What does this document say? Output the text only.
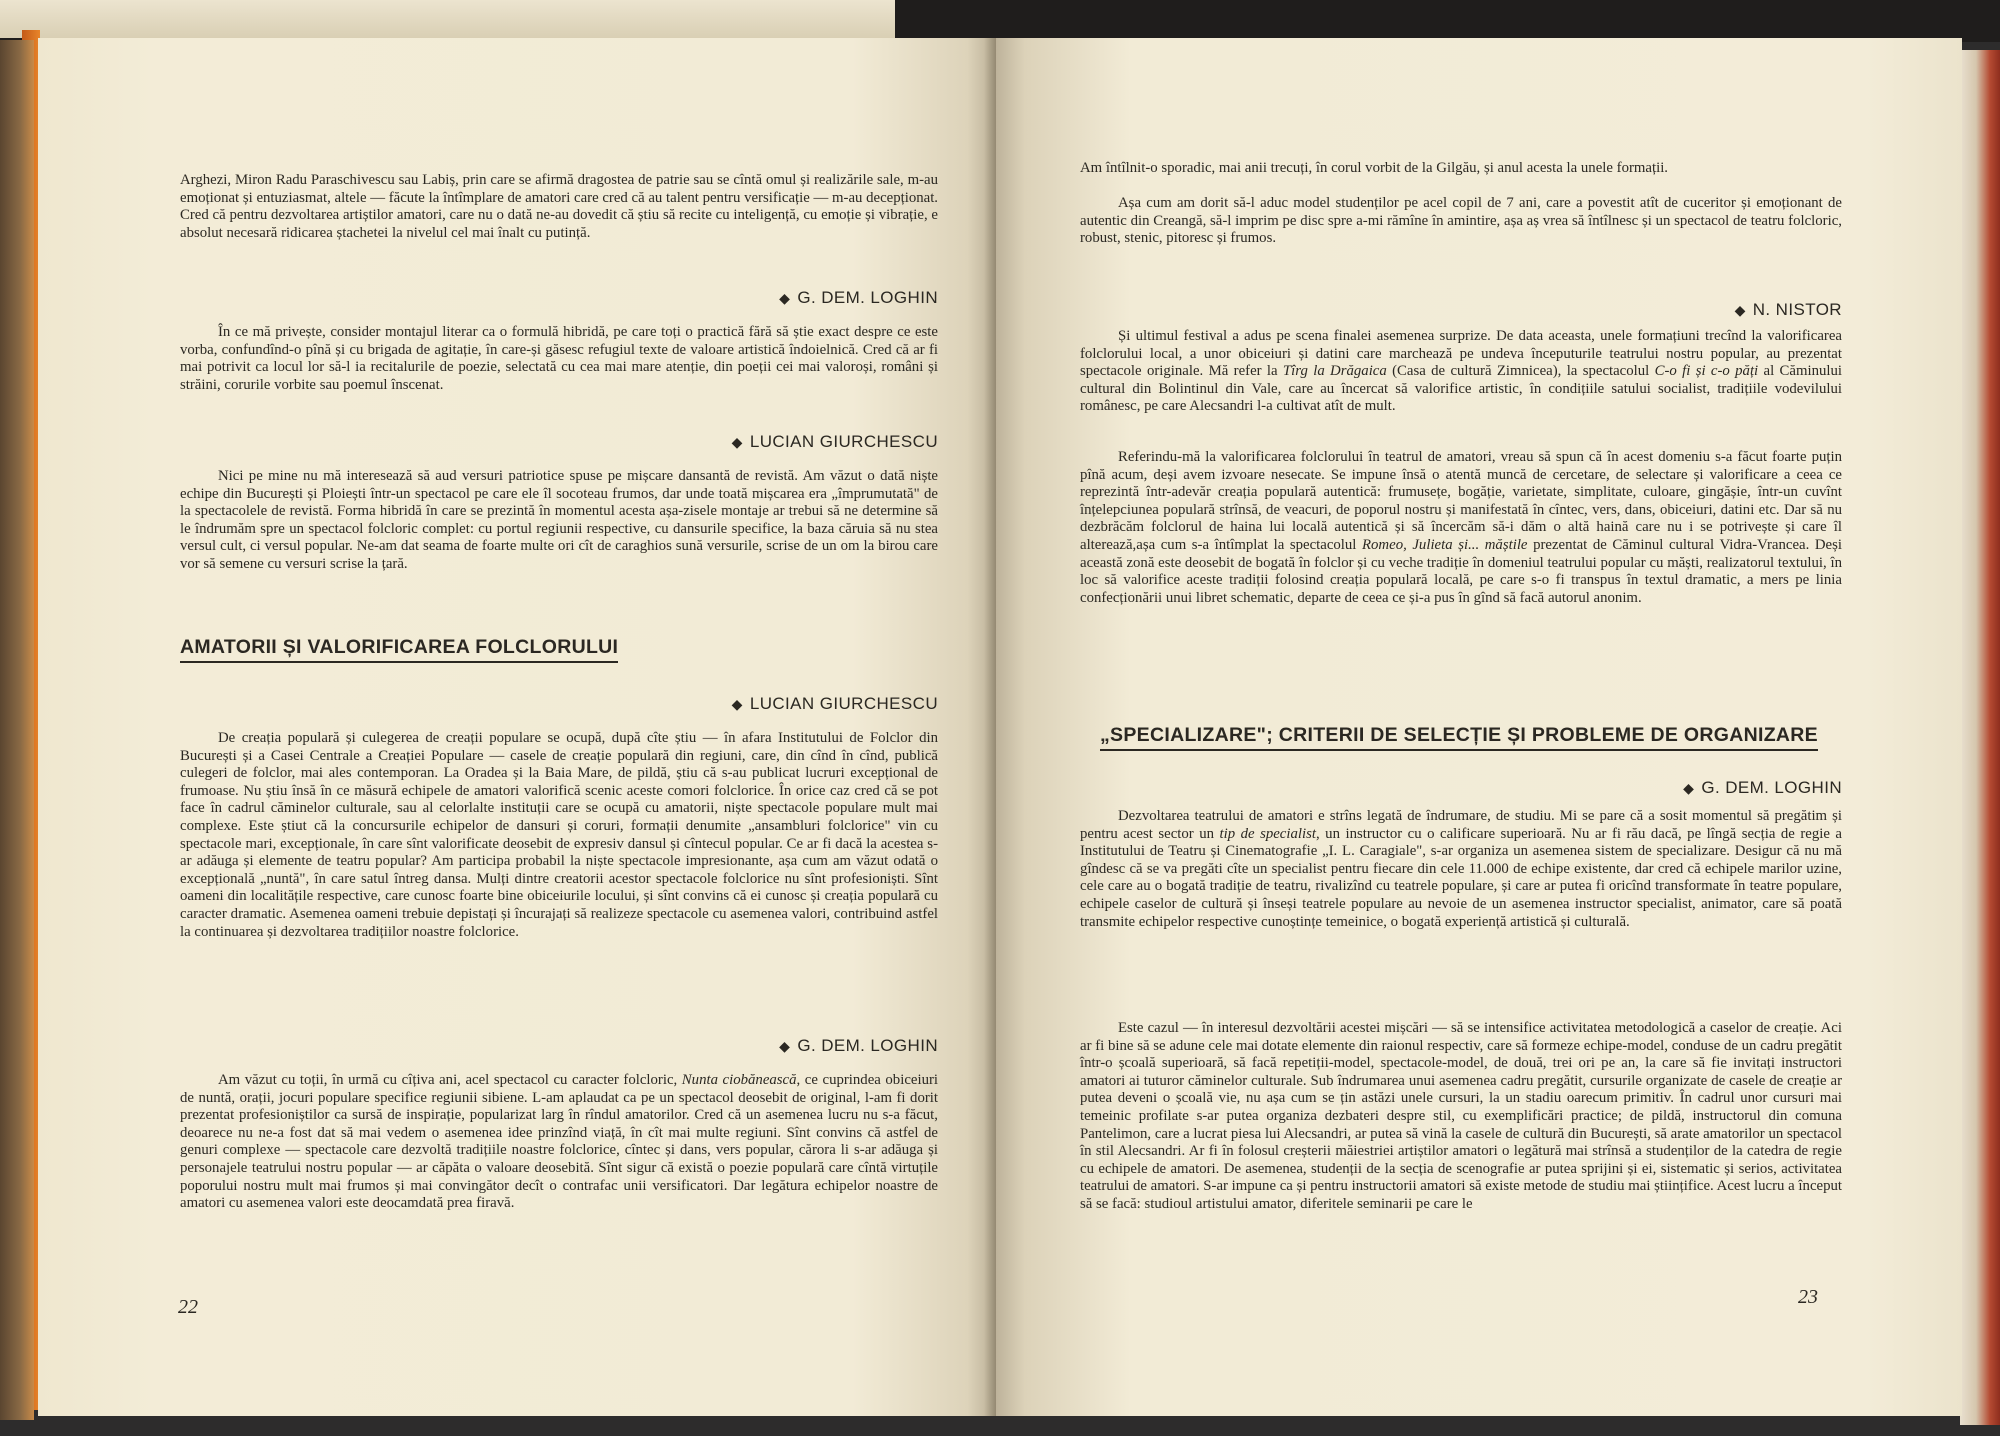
Arghezi, Miron Radu Paraschivescu sau Labiș, prin care se afirmă dragostea de patrie sau se cîntă omul și realizările sale, m-au emoționat și entuziasmat, altele — făcute la întîmplare de amatori care cred că au talent pentru versificație — m-au decepționat. Cred că pentru dezvoltarea artiștilor amatori, care nu o dată ne-au dovedit că știu să recite cu inteligență, cu emoție și vibrație, e absolut necesară ridicarea ștachetei la nivelul cel mai înalt cu putință.

◆ G. DEM. LOGHIN

În ce mă privește, consider montajul literar ca o formulă hibridă, pe care toți o practică fără să știe exact despre ce este vorba, confundînd-o pînă și cu brigada de agitație, în care-și găsesc refugiul texte de valoare artistică îndoielnică. Cred că ar fi mai potrivit ca locul lor să-l ia recitalurile de poezie, selectată cu cea mai mare atenție, din poeții cei mai valoroși, români și străini, corurile vorbite sau poemul înscenat.

◆ LUCIAN GIURCHESCU

Nici pe mine nu mă interesează să aud versuri patriotice spuse pe mișcare dansantă de revistă. Am văzut o dată niște echipe din București și Ploiești într-un spectacol pe care ele îl socoteau frumos, dar unde toată mișcarea era „împrumutată" de la spectacolele de revistă. Forma hibridă în care se prezintă în momentul acesta așa-zisele montaje ar trebui să ne determine să le îndrumăm spre un spectacol folcloric complet: cu portul regiunii respective, cu dansurile specifice, la baza căruia să nu stea versul cult, ci versul popular. Ne-am dat seama de foarte multe ori cît de caraghios sună versurile, scrise de un om la birou care vor să semene cu versuri scrise la țară.

AMATORII ȘI VALORIFICAREA FOLCLORULUI
◆ LUCIAN GIURCHESCU

De creația populară și culegerea de creații populare se ocupă, după cîte știu — în afara Institutului de Folclor din București și a Casei Centrale a Creației Populare — casele de creație populară din regiuni, care, din cînd în cînd, publică culegeri de folclor, mai ales contemporan. La Oradea și la Baia Mare, de pildă, știu că s-au publicat lucruri excepțional de frumoase. Nu știu însă în ce măsură echipele de amatori valorifică scenic aceste comori folclorice. În orice caz cred că se pot face în cadrul căminelor culturale, sau al celorlalte instituții care se ocupă cu amatorii, niște spectacole populare mult mai complexe. Este știut că la concursurile echipelor de dansuri și coruri, formații denumite „ansambluri folclorice" vin cu spectacole mari, excepționale, în care sînt valorificate deosebit de expresiv dansul și cîntecul popular. Ce ar fi dacă la acestea s-ar adăuga și elemente de teatru popular? Am participa probabil la niște spectacole impresionante, așa cum am văzut odată o excepțională „nuntă", în care satul întreg dansa. Mulți dintre creatorii acestor spectacole folclorice nu sînt profesioniști. Sînt oameni din localitățile respective, care cunosc foarte bine obiceiurile locului, și sînt convins că ei cunosc și creația populară cu caracter dramatic. Asemenea oameni trebuie depistați și încurajați să realizeze spectacole cu asemenea valori, contribuind astfel la continuarea și dezvoltarea tradițiilor noastre folclorice.

◆ G. DEM. LOGHIN

Am văzut cu toții, în urmă cu cîțiva ani, acel spectacol cu caracter folcloric, Nunta ciobănească, ce cuprindea obiceiuri de nuntă, orații, jocuri populare specifice regiunii sibiene. L-am aplaudat ca pe un spectacol deosebit de original, l-am fi dorit prezentat profesioniștilor ca sursă de inspirație, popularizat larg în rîndul amatorilor. Cred că un asemenea lucru nu s-a făcut, deoarece nu ne-a fost dat să mai vedem o asemenea idee prinzînd viață, în cît mai multe regiuni. Sînt convins că astfel de genuri complexe — spectacole care dezvoltă tradițiile noastre folclorice, cîntec și dans, vers popular, cărora li s-ar adăuga și personajele teatrului nostru popular — ar căpăta o valoare deosebită. Sînt sigur că există o poezie populară care cîntă virtuțile poporului nostru mult mai frumos și mai convingător decît o contrafac unii versificatori. Dar legătura echipelor noastre de amatori cu asemenea valori este deocamdată prea firavă.

22

Am întîlnit-o sporadic, mai anii trecuți, în corul vorbit de la Gilgău, și anul acesta la unele formații.

Așa cum am dorit să-l aduc model studenților pe acel copil de 7 ani, care a povestit atît de cuceritor și emoționant de autentic din Creangă, să-l imprim pe disc spre a-mi rămîne în amintire, așa aș vrea să întîlnesc și un spectacol de teatru folcloric, robust, stenic, pitoresc și frumos.

◆ N. NISTOR

Și ultimul festival a adus pe scena finalei asemenea surprize. De data aceasta, unele formațiuni trecînd la valorificarea folclorului local, a unor obiceiuri și datini care marchează pe undeva începuturile teatrului nostru popular, au prezentat spectacole originale. Mă refer la Tîrg la Drăgaica (Casa de cultură Zimnicea), la spectacolul C-o fi și c-o păți al Căminului cultural din Bolintinul din Vale, care au încercat să valorifice artistic, în condițiile satului socialist, tradițiile vodevilului românesc, pe care Alecsandri l-a cultivat atît de mult.

Referindu-mă la valorificarea folclorului în teatrul de amatori, vreau să spun că în acest domeniu s-a făcut foarte puțin pînă acum, deși avem izvoare nesecate. Se impune însă o atentă muncă de cercetare, de selectare și valorificare a ceea ce reprezintă într-adevăr creația populară autentică: frumusețe, bogăție, varietate, simplitate, culoare, gingășie, într-un cuvînt înțelepciunea populară strînsă, de veacuri, de poporul nostru și manifestată în cîntec, vers, dans, obiceiuri, datini etc. Dar să nu dezbrăcăm folclorul de haina lui locală autentică și să încercăm să-i dăm o altă haină care nu i se potrivește și care îl alterează,așa cum s-a întîmplat la spectacolul Romeo, Julieta și... măștile prezentat de Căminul cultural Vidra-Vrancea. Deși această zonă este deosebit de bogată în folclor și cu veche tradiție în domeniul teatrului popular cu măști, realizatorul textului, în loc să valorifice aceste tradiții folosind creația populară locală, pe care s-o fi transpus în textul dramatic, a mers pe linia confecționării unui libret schematic, departe de ceea ce și-a pus în gînd să facă autorul anonim.

„SPECIALIZARE"; CRITERII DE SELECȚIE ȘI PROBLEME DE ORGANIZARE
◆ G. DEM. LOGHIN

Dezvoltarea teatrului de amatori e strîns legată de îndrumare, de studiu. Mi se pare că a sosit momentul să pregătim și pentru acest sector un tip de specialist, un instructor cu o calificare superioară. Nu ar fi rău dacă, pe lîngă secția de regie a Institutului de Teatru și Cinematografie „I. L. Caragiale", s-ar organiza un asemenea sistem de specializare. Desigur că nu mă gîndesc că se va pregăti cîte un specialist pentru fiecare din cele 11.000 de echipe existente, dar cred că echipele marilor uzine, cele care au o bogată tradiție de teatru, rivalizînd cu teatrele populare, și care ar putea fi oricînd transformate în teatre populare, echipele caselor de cultură și înseși teatrele populare au nevoie de un asemenea instructor specialist, animator, care să poată transmite echipelor respective cunoștințe temeinice, o bogată experiență artistică și culturală.

Este cazul — în interesul dezvoltării acestei mișcări — să se intensifice activitatea metodologică a caselor de creație. Aci ar fi bine să se adune cele mai dotate elemente din raionul respectiv, care să formeze echipe-model, conduse de un cadru pregătit într-o școală superioară, să facă repetiții-model, spectacole-model, de două, trei ori pe an, la care să fie invitați instructori amatori ai tuturor căminelor culturale. Sub îndrumarea unui asemenea cadru pregătit, cursurile organizate de casele de creație ar putea deveni o școală vie, nu așa cum se țin astăzi unele cursuri, la un stadiu oarecum primitiv. În cadrul unor cursuri mai temeinic profilate s-ar putea organiza dezbateri despre stil, cu exemplificări practice; de pildă, instructorul din comuna Pantelimon, care a lucrat piesa lui Alecsandri, ar putea să vină la casele de cultură din București, să arate amatorilor un spectacol în stil Alecsandri. Ar fi în folosul creșterii măiestriei artiștilor amatori o legătură mai strînsă a studenților de la catedra de regie cu echipele de amatori. De asemenea, studenții de la secția de scenografie ar putea sprijini și ei, sistematic și serios, activitatea teatrului de amatori. S-ar impune ca și pentru instructorii amatori să existe metode de studiu mai științifice. Acest lucru a început să se facă: studioul artistului amator, diferitele seminarii pe care le

23
